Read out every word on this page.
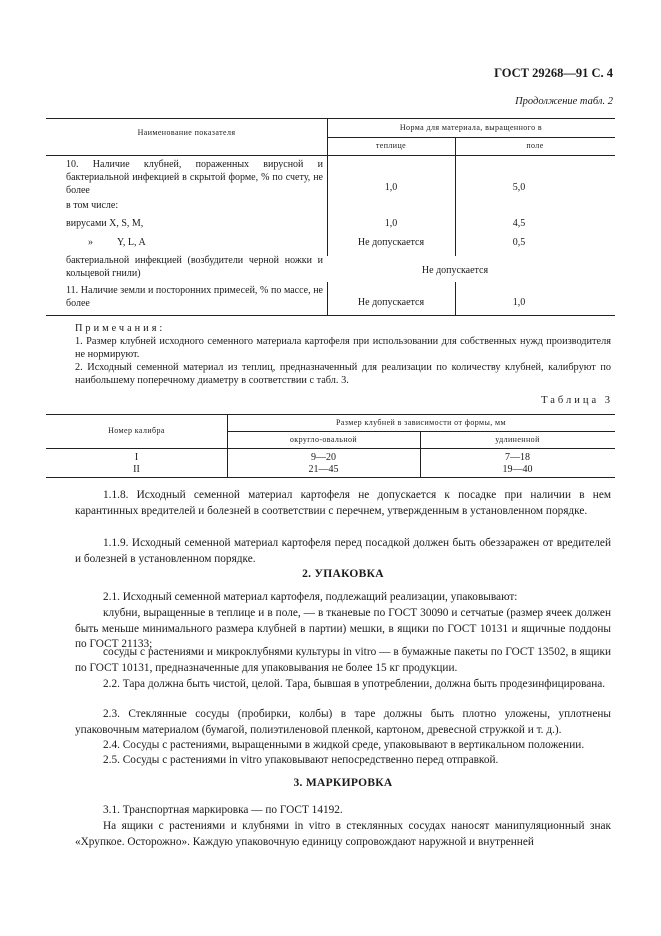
ГОСТ 29268—91 С. 4
Продолжение табл. 2
Наименование показателя
Норма для материала, выращенного в
теплице	поле
10. Наличие клубней, пораженных вирусной и бактериальной инфекцией в скрытой форме, % по счету, не более	1,0	5,0
в том числе:
вирусами X, S, M,	1,0	4,5
»	Y, L, A	Не допускается	0,5
бактериальной инфекцией (возбудители черной ножки и кольцевой гнили)	Не допускается
11. Наличие земли и посторонних примесей, % по массе, не более	Не допускается	1,0
Примечания:
1. Размер клубней исходного семенного материала картофеля при использовании для собственных нужд производителя не нормируют.
2. Исходный семенной материал из теплиц, предназначенный для реализации по количеству клубней, калибруют по наибольшему поперечному диаметру в соответствии с табл. 3.
Таблица 3
Номер калибра
Размер клубней в зависимости от формы, мм
округло-овальной	удлиненной
I	9—20	7—18
II	21—45	19—40
1.1.8. Исходный семенной материал картофеля не допускается к посадке при наличии в нем карантинных вредителей и болезней в соответствии с перечнем, утвержденным в установленном порядке.
1.1.9. Исходный семенной материал картофеля перед посадкой должен быть обеззаражен от вредителей и болезней в установленном порядке.
2. УПАКОВКА
2.1. Исходный семенной материал картофеля, подлежащий реализации, упаковывают:
клубни, выращенные в теплице и в поле, — в тканевые по ГОСТ 30090 и сетчатые (размер ячеек должен быть меньше минимального размера клубней в партии) мешки, в ящики по ГОСТ 10131 и ящичные поддоны по ГОСТ 21133;
сосуды с растениями и микроклубнями культуры in vitro — в бумажные пакеты по ГОСТ 13502, в ящики по ГОСТ 10131, предназначенные для упаковывания не более 15 кг продукции.
2.2. Тара должна быть чистой, целой. Тара, бывшая в употреблении, должна быть продезинфицирована.
2.3. Стеклянные сосуды (пробирки, колбы) в таре должны быть плотно уложены, уплотнены упаковочным материалом (бумагой, полиэтиленовой пленкой, картоном, древесной стружкой и т. д.).
2.4. Сосуды с растениями, выращенными в жидкой среде, упаковывают в вертикальном положении.
2.5. Сосуды с растениями in vitro упаковывают непосредственно перед отправкой.
3. МАРКИРОВКА
3.1. Транспортная маркировка — по ГОСТ 14192.
На ящики с растениями и клубнями in vitro в стеклянных сосудах наносят манипуляционный знак «Хрупкое. Осторожно». Каждую упаковочную единицу сопровождают наружной и внутренней
